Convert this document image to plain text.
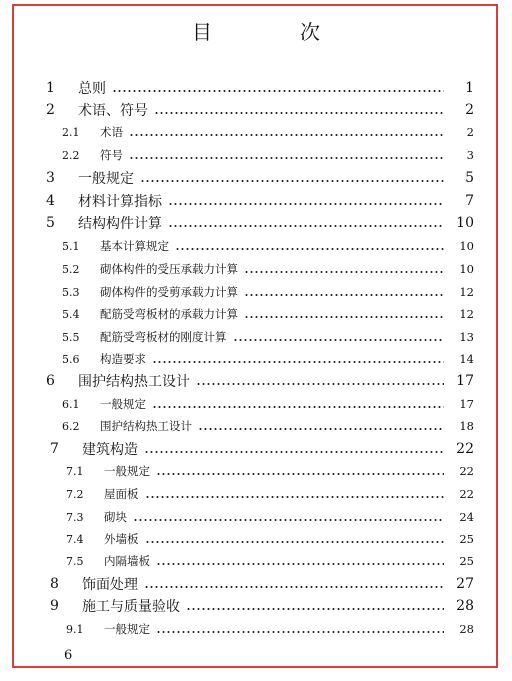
目　次
1	总则	1
2	术语、符号	2
2.1	术语	2
2.2	符号	3
3	一般规定	5
4	材料计算指标	7
5	结构构件计算	10
5.1	基本计算规定	10
5.2	砌体构件的受压承载力计算	10
5.3	砌体构件的受剪承载力计算	12
5.4	配筋受弯板材的承载力计算	12
5.5	配筋受弯板材的刚度计算	13
5.6	构造要求	14
6	围护结构热工设计	17
6.1	一般规定	17
6.2	围护结构热工设计	18
7	建筑构造	22
7.1	一般规定	22
7.2	屋面板	22
7.3	砌块	24
7.4	外墙板	25
7.5	内隔墙板	25
8	饰面处理	27
9	施工与质量验收	28
9.1	一般规定	28
6
